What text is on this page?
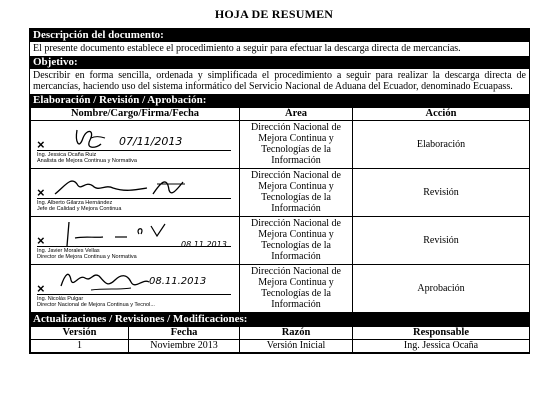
HOJA DE RESUMEN
Descripción del documento:
El presente documento establece el procedimiento a seguir para efectuar la descarga directa de mercancías.
Objetivo:
Describir en forma sencilla, ordenada y simplificada el procedimiento a seguir para realizar la descarga directa de mercancías, haciendo uso del sistema informático del Servicio Nacional de Aduana del Ecuador, denominado Ecuapass.
Elaboración / Revisión / Aprobación:
Nombre/Cargo/Firma/Fecha	Área	Acción

× 07/11/2013
Ing. Jessica Ocaña Ruiz
Analista de Mejora Continua y Normativa	Dirección Nacional de Mejora Continua y Tecnologías de la Información	Elaboración

×
Ing. Alberto Gilarza Hernández
Jefe de Calidad y Mejora Continua	Dirección Nacional de Mejora Continua y Tecnologías de la Información	Revisión

× 08.11.2013
Ing. Javier Morales Vellas
Director de Mejora Continua y Normativa	Dirección Nacional de Mejora Continua y Tecnologías de la Información	Revisión

× 08.11.2013
Ing. Nicolás Pulgar
Director Nacional de Mejora Continua y Tecnol...	Dirección Nacional de Mejora Continua y Tecnologías de la Información	Aprobación
Actualizaciones / Revisiones / Modificaciones:
Versión	Fecha	Razón	Responsable
1	Noviembre 2013	Versión Inicial	Ing. Jessica Ocaña
